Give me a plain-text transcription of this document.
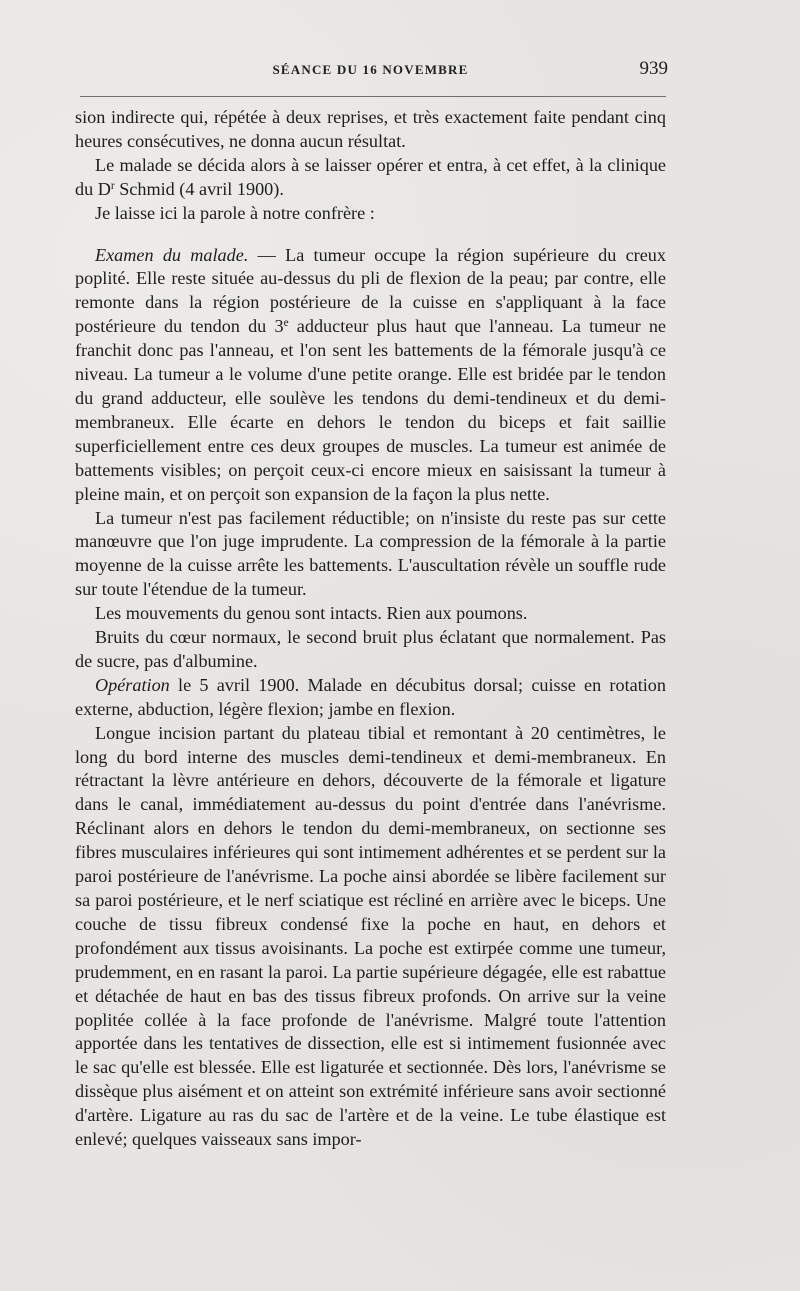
SÉANCE DU 16 NOVEMBRE	939

sion indirecte qui, répétée à deux reprises, et très exactement faite pendant cinq heures consécutives, ne donna aucun résultat.

Le malade se décida alors à se laisser opérer et entra, à cet effet, à la clinique du $D^r$ Schmid (4 avril 1900).

Je laisse ici la parole à notre confrère :

Examen du malade. — La tumeur occupe la région supérieure du creux poplité. Elle reste située au-dessus du pli de flexion de la peau; par contre, elle remonte dans la région postérieure de la cuisse en s'appliquant à la face postérieure du tendon du 3e adducteur plus haut que l'anneau. La tumeur ne franchit donc pas l'anneau, et l'on sent les battements de la fémorale jusqu'à ce niveau. La tumeur a le volume d'une petite orange. Elle est bridée par le tendon du grand adducteur, elle soulève les tendons du demi-tendineux et du demi-membraneux. Elle écarte en dehors le tendon du biceps et fait saillie superficiellement entre ces deux groupes de muscles. La tumeur est animée de battements visibles; on perçoit ceux-ci encore mieux en saisissant la tumeur à pleine main, et on perçoit son expansion de la façon la plus nette.

La tumeur n'est pas facilement réductible; on n'insiste du reste pas sur cette manœuvre que l'on juge imprudente. La compression de la fémorale à la partie moyenne de la cuisse arrête les battements. L'auscultation révèle un souffle rude sur toute l'étendue de la tumeur.

Les mouvements du genou sont intacts. Rien aux poumons.

Bruits du cœur normaux, le second bruit plus éclatant que normalement. Pas de sucre, pas d'albumine.

Opération le 5 avril 1900. Malade en décubitus dorsal; cuisse en rotation externe, abduction, légère flexion; jambe en flexion.

Longue incision partant du plateau tibial et remontant à 20 centimètres, le long du bord interne des muscles demi-tendineux et demi-membraneux. En rétractant la lèvre antérieure en dehors, découverte de la fémorale et ligature dans le canal, immédiatement au-dessus du point d'entrée dans l'anévrisme. Réclinant alors en dehors le tendon du demi-membraneux, on sectionne ses fibres musculaires inférieures qui sont intimement adhérentes et se perdent sur la paroi postérieure de l'anévrisme. La poche ainsi abordée se libère facilement sur sa paroi postérieure, et le nerf sciatique est récliné en arrière avec le biceps. Une couche de tissu fibreux condensé fixe la poche en haut, en dehors et profondément aux tissus avoisinants. La poche est extirpée comme une tumeur, prudemment, en en rasant la paroi. La partie supérieure dégagée, elle est rabattue et détachée de haut en bas des tissus fibreux profonds. On arrive sur la veine poplitée collée à la face profonde de l'anévrisme. Malgré toute l'attention apportée dans les tentatives de dissection, elle est si intimement fusionnée avec le sac qu'elle est blessée. Elle est ligaturée et sectionnée. Dès lors, l'anévrisme se dissèque plus aisément et on atteint son extrémité inférieure sans avoir sectionné d'artère. Ligature au ras du sac de l'artère et de la veine. Le tube élastique est enlevé; quelques vaisseaux sans impor-
